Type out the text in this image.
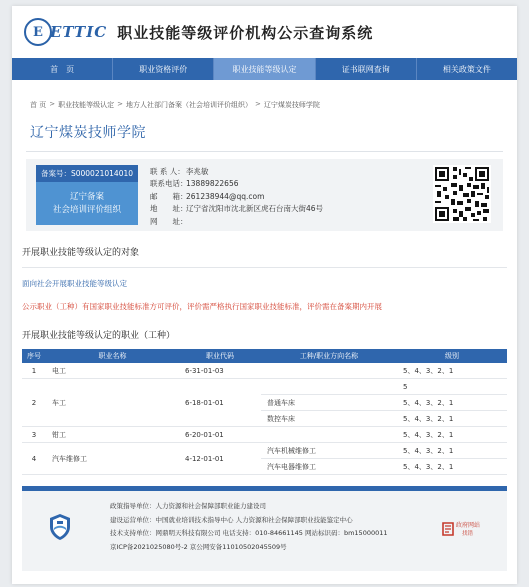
E ETTIC 职业技能等级评价机构公示查询系统
首　页	职业资格评价	职业技能等级认定	证书联网查询	相关政策文件
首 页 > 职业技能等级认定 > 地方人社部门备案（社会培训评价组织） > 辽宁煤炭技师学院
辽宁煤炭技师学院
备案号：S000021014010
辽宁备案
社会培训评价组织
联 系 人： 李兆敏
联系电话：
13889822656
邮　　箱：
261238944@qq.com
地　　址：
辽宁省沈阳市沈北新区虎石台南大街46号
网　　址：
开展职业技能等级认定的对象
面向社会开展职业技能等级认定
公示职业（工种）有国家职业技能标准方可评价，评价需严格执行国家职业技能标准，评价需在备案期内开展
开展职业技能等级认定的职业（工种）
序号	职业名称	职业代码	工种/职业方向名称	级别
1	电工	6-31-01-03		5、4、3、2、1
2	车工	6-18-01-01		5
			普通车床	5、4、3、2、1
			数控车床	5、4、3、2、1
3	钳工	6-20-01-01		5、4、3、2、1
4	汽车维修工	4-12-01-01	汽车机械维修工	5、4、3、2、1
			汽车电器维修工	5、4、3、2、1
政策指导单位：人力资源和社会保障部职业能力建设司
建设运营单位：中国就业培训技术指导中心 人力资源和社会保障部职业技能鉴定中心
技术支持单位：网鼎明天科技有限公司 电话支持：010-84661145 网站标识码：bm15000011
京ICP备2021025080号-2 京公网安备11010502045509号
政府网站
找错
